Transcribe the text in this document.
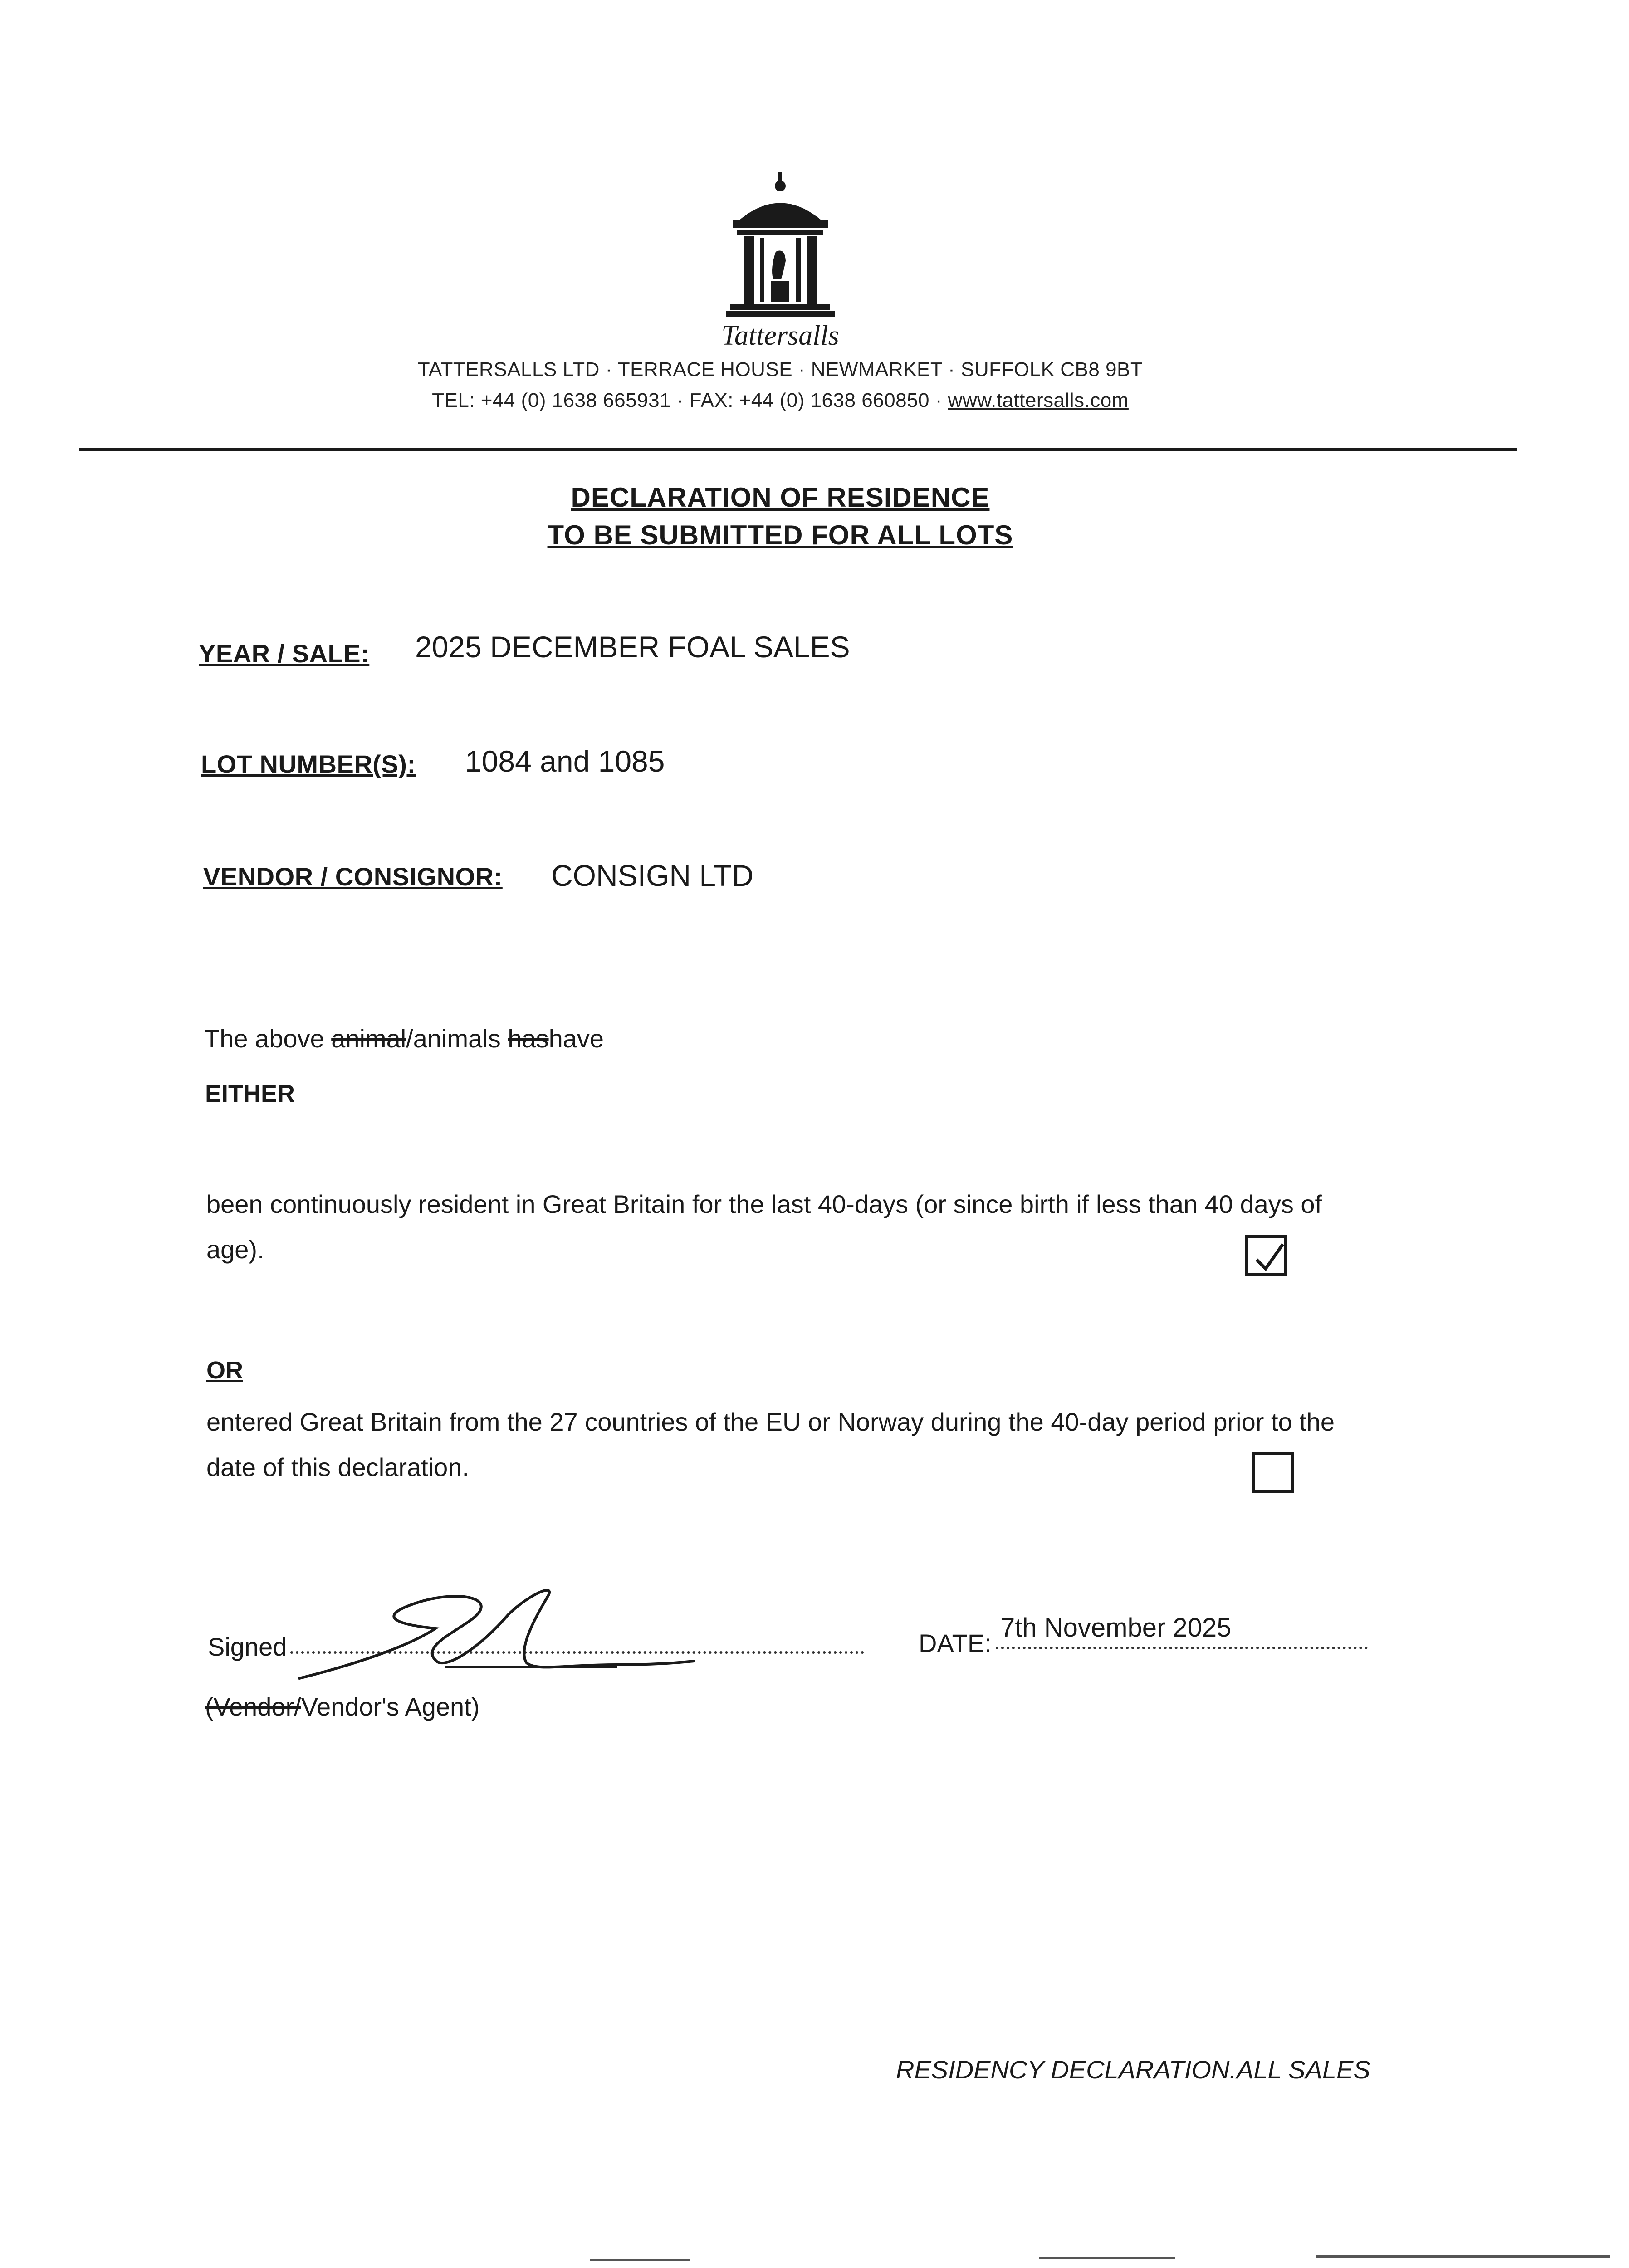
Tattersalls
TATTERSALLS LTD · TERRACE HOUSE · NEWMARKET · SUFFOLK CB8 9BT
TEL: +44 (0) 1638 665931 · FAX: +44 (0) 1638 660850 · www.tattersalls.com
DECLARATION OF RESIDENCE
TO BE SUBMITTED FOR ALL LOTS
YEAR / SALE: 2025 DECEMBER FOAL SALES
LOT NUMBER(S): 1084 and 1085
VENDOR / CONSIGNOR: CONSIGN LTD
The above animal/animals hashave
EITHER
been continuously resident in Great Britain for the last 40-days (or since birth if less than 40 days of age).
OR
entered Great Britain from the 27 countries of the EU or Norway during the 40-day period prior to the date of this declaration.
Signed	DATE:
7th November 2025
(Vendor/Vendor's Agent)
RESIDENCY DECLARATION.ALL SALES
